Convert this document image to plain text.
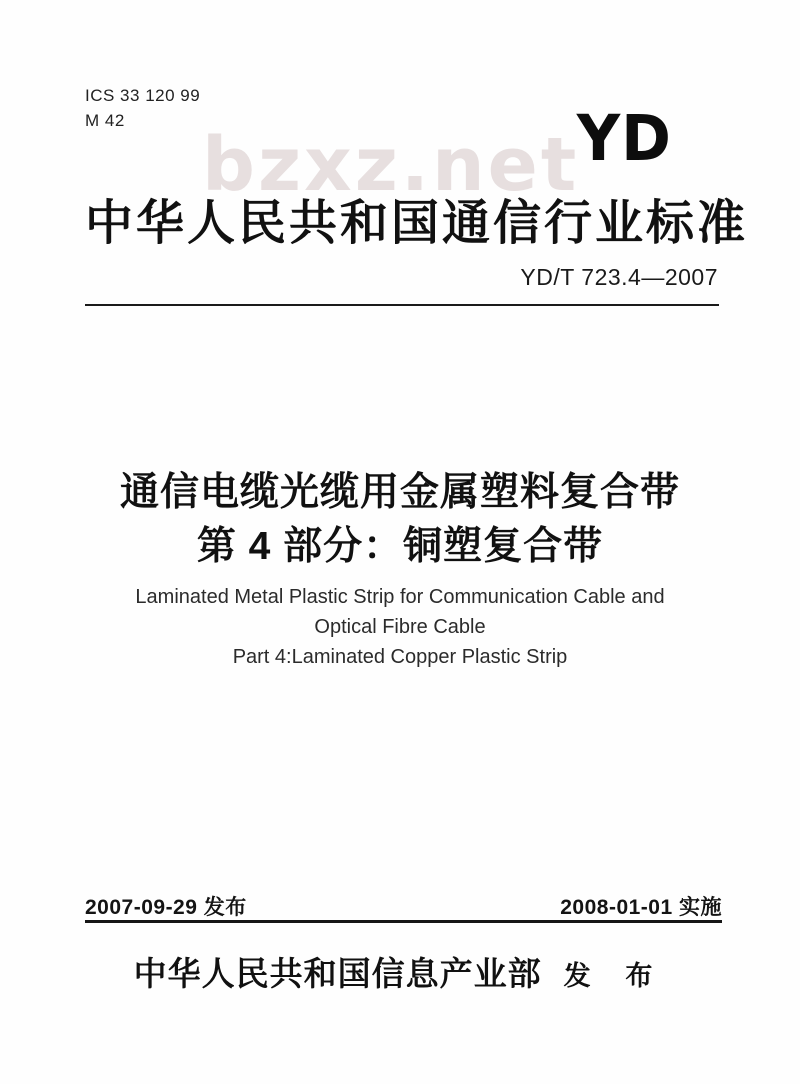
ICS 33 120 99
M 42
bzxz.net
YD
中华人民共和国通信行业标准
YD/T 723.4—2007
通信电缆光缆用金属塑料复合带
第 4 部分：铜塑复合带
Laminated Metal Plastic Strip for Communication Cable and
Optical Fibre Cable
Part 4:Laminated Copper Plastic Strip
2007-09-29 发布	2008-01-01 实施
中华人民共和国信息产业部 发 布
